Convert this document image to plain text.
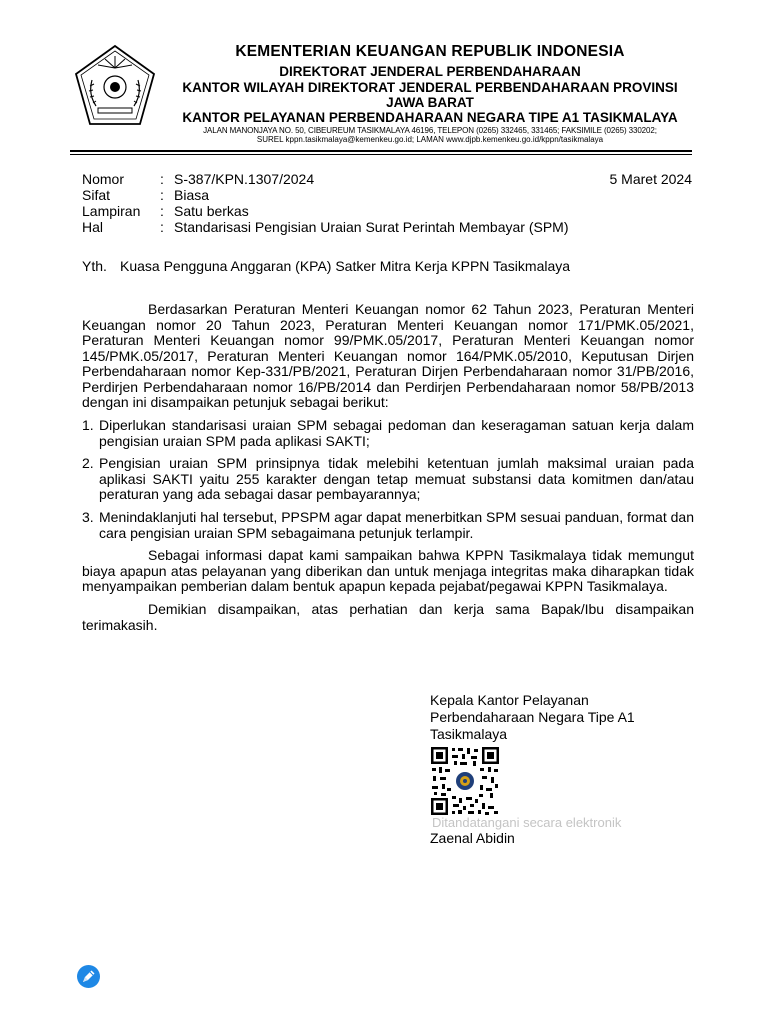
KEMENTERIAN KEUANGAN REPUBLIK INDONESIA
DIREKTORAT JENDERAL PERBENDAHARAAN
KANTOR WILAYAH DIREKTORAT JENDERAL PERBENDAHARAAN PROVINSI
JAWA BARAT
KANTOR PELAYANAN PERBENDAHARAAN NEGARA TIPE A1 TASIKMALAYA
JALAN MANONJAYA NO. 50, CIBEUREUM TASIKMALAYA 46196, TELEPON (0265) 332465, 331465; FAKSIMILE (0265) 330202;
SUREL kppn.tasikmalaya@kemenkeu.go.id; LAMAN www.djpb.kemenkeu.go.id/kppn/tasikmalaya
5 Maret 2024
Nomor	: S-387/KPN.1307/2024
Sifat	: Biasa
Lampiran : Satu berkas
Hal	: Standarisasi Pengisian Uraian Surat Perintah Membayar (SPM)
Yth. Kuasa Pengguna Anggaran (KPA) Satker Mitra Kerja KPPN Tasikmalaya
Berdasarkan Peraturan Menteri Keuangan nomor 62 Tahun 2023, Peraturan Menteri Keuangan nomor 20 Tahun 2023, Peraturan Menteri Keuangan nomor 171/PMK.05/2021, Peraturan Menteri Keuangan nomor 99/PMK.05/2017, Peraturan Menteri Keuangan nomor 145/PMK.05/2017, Peraturan Menteri Keuangan nomor 164/PMK.05/2010, Keputusan Dirjen Perbendaharaan nomor Kep-331/PB/2021, Peraturan Dirjen Perbendaharaan nomor 31/PB/2016, Perdirjen Perbendaharaan nomor 16/PB/2014 dan Perdirjen Perbendaharaan nomor 58/PB/2013 dengan ini disampaikan petunjuk sebagai berikut:
1. Diperlukan standarisasi uraian SPM sebagai pedoman dan keseragaman satuan kerja dalam pengisian uraian SPM pada aplikasi SAKTI;
2. Pengisian uraian SPM prinsipnya tidak melebihi ketentuan jumlah maksimal uraian pada aplikasi SAKTI yaitu 255 karakter dengan tetap memuat substansi data komitmen dan/atau peraturan yang ada sebagai dasar pembayarannya;
3. Menindaklanjuti hal tersebut, PPSPM agar dapat menerbitkan SPM sesuai panduan, format dan cara pengisian uraian SPM sebagaimana petunjuk terlampir.
Sebagai informasi dapat kami sampaikan bahwa KPPN Tasikmalaya tidak memungut biaya apapun atas pelayanan yang diberikan dan untuk menjaga integritas maka diharapkan tidak menyampaikan pemberian dalam bentuk apapun kepada pejabat/pegawai KPPN Tasikmalaya.
Demikian disampaikan, atas perhatian dan kerja sama Bapak/Ibu disampaikan terimakasih.
Kepala Kantor Pelayanan
Perbendaharaan Negara Tipe A1
Tasikmalaya
Ditandatangani secara elektronik
Zaenal Abidin
